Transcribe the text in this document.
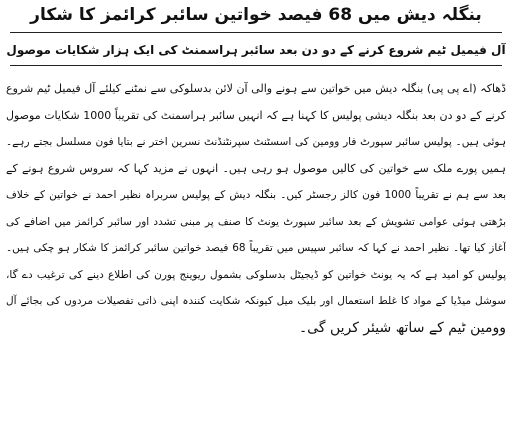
بنگلہ دیش میں 68 فیصد خواتین سائبر کرائمز کا شکار
آل فیمیل ٹیم شروع کرنے کے دو دن بعد سائبر ہراسمنٹ کی ایک ہزار شکایات موصول
ڈھاکہ (اے پی پی) بنگلہ دیش میں خواتین سے ہونے والی آن لائن بدسلوکی سے نمٹنے کیلئے آل فیمیل ٹیم شروع
کرنے کے دو دن بعد بنگلہ دیشی پولیس کا کہنا ہے کہ انہیں سائبر ہراسمنٹ کی تقریباً 1000 شکایات موصول
ہوئی ہیں۔ پولیس سائبر سپورٹ فار وومین کی اسسٹنٹ سپرنٹنڈنٹ نسرین اختر نے بتایا فون مسلسل بجتے رہے۔
ہمیں پورے ملک سے خواتین کی کالیں موصول ہو رہی ہیں۔ انہوں نے مزید کہا کہ سروس شروع ہونے کے
بعد سے ہم نے تقریباً 1000 فون کالز رجسٹر کیں۔ بنگلہ دیش کے پولیس سربراہ نظیر احمد نے خواتین کے خلاف
بڑھتی ہوئی عوامی تشویش کے بعد سائبر سپورٹ یونٹ کا صنف پر مبنی تشدد اور سائبر کرائمز میں اضافے کی
آغاز کیا تھا۔ نظیر احمد نے کہا کہ سائبر سپیس میں تقریباً 68 فیصد خواتین سائبر کرائمز کا شکار ہو چکی ہیں۔
پولیس کو امید ہے کہ یہ یونٹ خواتین کو ڈیجیٹل بدسلوکی بشمول ریوینج پورن کی اطلاع دینے کی ترغیب دے گا،
سوشل میڈیا کے مواد کا غلط استعمال اور بلیک میل کیونکہ شکایت کنندہ اپنی ذاتی تفصیلات مردوں کی بجائے آل
وومین ٹیم کے ساتھ شیئر کریں گی۔
